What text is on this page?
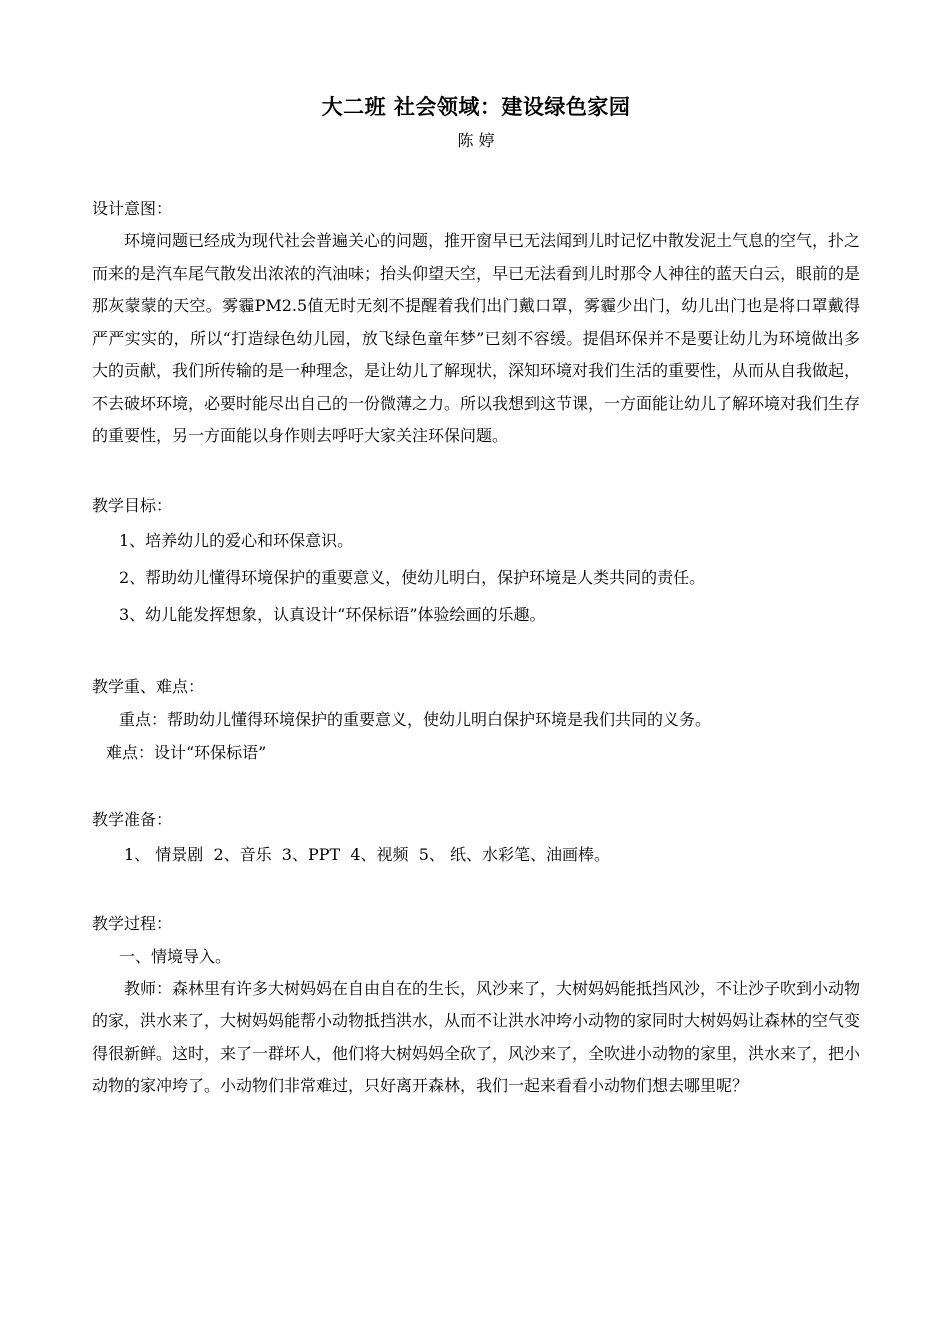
大二班 社会领域：建设绿色家园

陈 婷

设计意图：

环境问题已经成为现代社会普遍关心的问题，推开窗早已无法闻到儿时记忆中散发泥土气息的空气，扑之而来的是汽车尾气散发出浓浓的汽油味；抬头仰望天空，早已无法看到儿时那令人神往的蓝天白云，眼前的是那灰蒙蒙的天空。雾霾PM2.5值无时无刻不提醒着我们出门戴口罩，雾霾少出门，幼儿出门也是将口罩戴得严严实实的，所以“打造绿色幼儿园，放飞绿色童年梦”已刻不容缓。提倡环保并不是要让幼儿为环境做出多大的贡献，我们所传输的是一种理念，是让幼儿了解现状，深知环境对我们生活的重要性，从而从自我做起，不去破坏环境，必要时能尽出自己的一份微薄之力。所以我想到这节课，一方面能让幼儿了解环境对我们生存的重要性，另一方面能以身作则去呼吁大家关注环保问题。

教学目标：

1、培养幼儿的爱心和环保意识。

2、帮助幼儿懂得环境保护的重要意义，使幼儿明白，保护环境是人类共同的责任。

3、幼儿能发挥想象，认真设计“环保标语”体验绘画的乐趣。

教学重、难点：

重点：帮助幼儿懂得环境保护的重要意义，使幼儿明白保护环境是我们共同的义务。

难点：设计“环保标语”

教学准备：

1、 情景剧  2、音乐  3、PPT  4、视频  5、 纸、水彩笔、油画棒。

教学过程：

一、情境导入。

教师：森林里有许多大树妈妈在自由自在的生长，风沙来了，大树妈妈能抵挡风沙，不让沙子吹到小动物的家，洪水来了，大树妈妈能帮小动物抵挡洪水，从而不让洪水冲垮小动物的家同时大树妈妈让森林的空气变得很新鲜。这时，来了一群坏人，他们将大树妈妈全砍了，风沙来了，全吹进小动物的家里，洪水来了，把小动物的家冲垮了。小动物们非常难过，只好离开森林，我们一起来看看小动物们想去哪里呢？
